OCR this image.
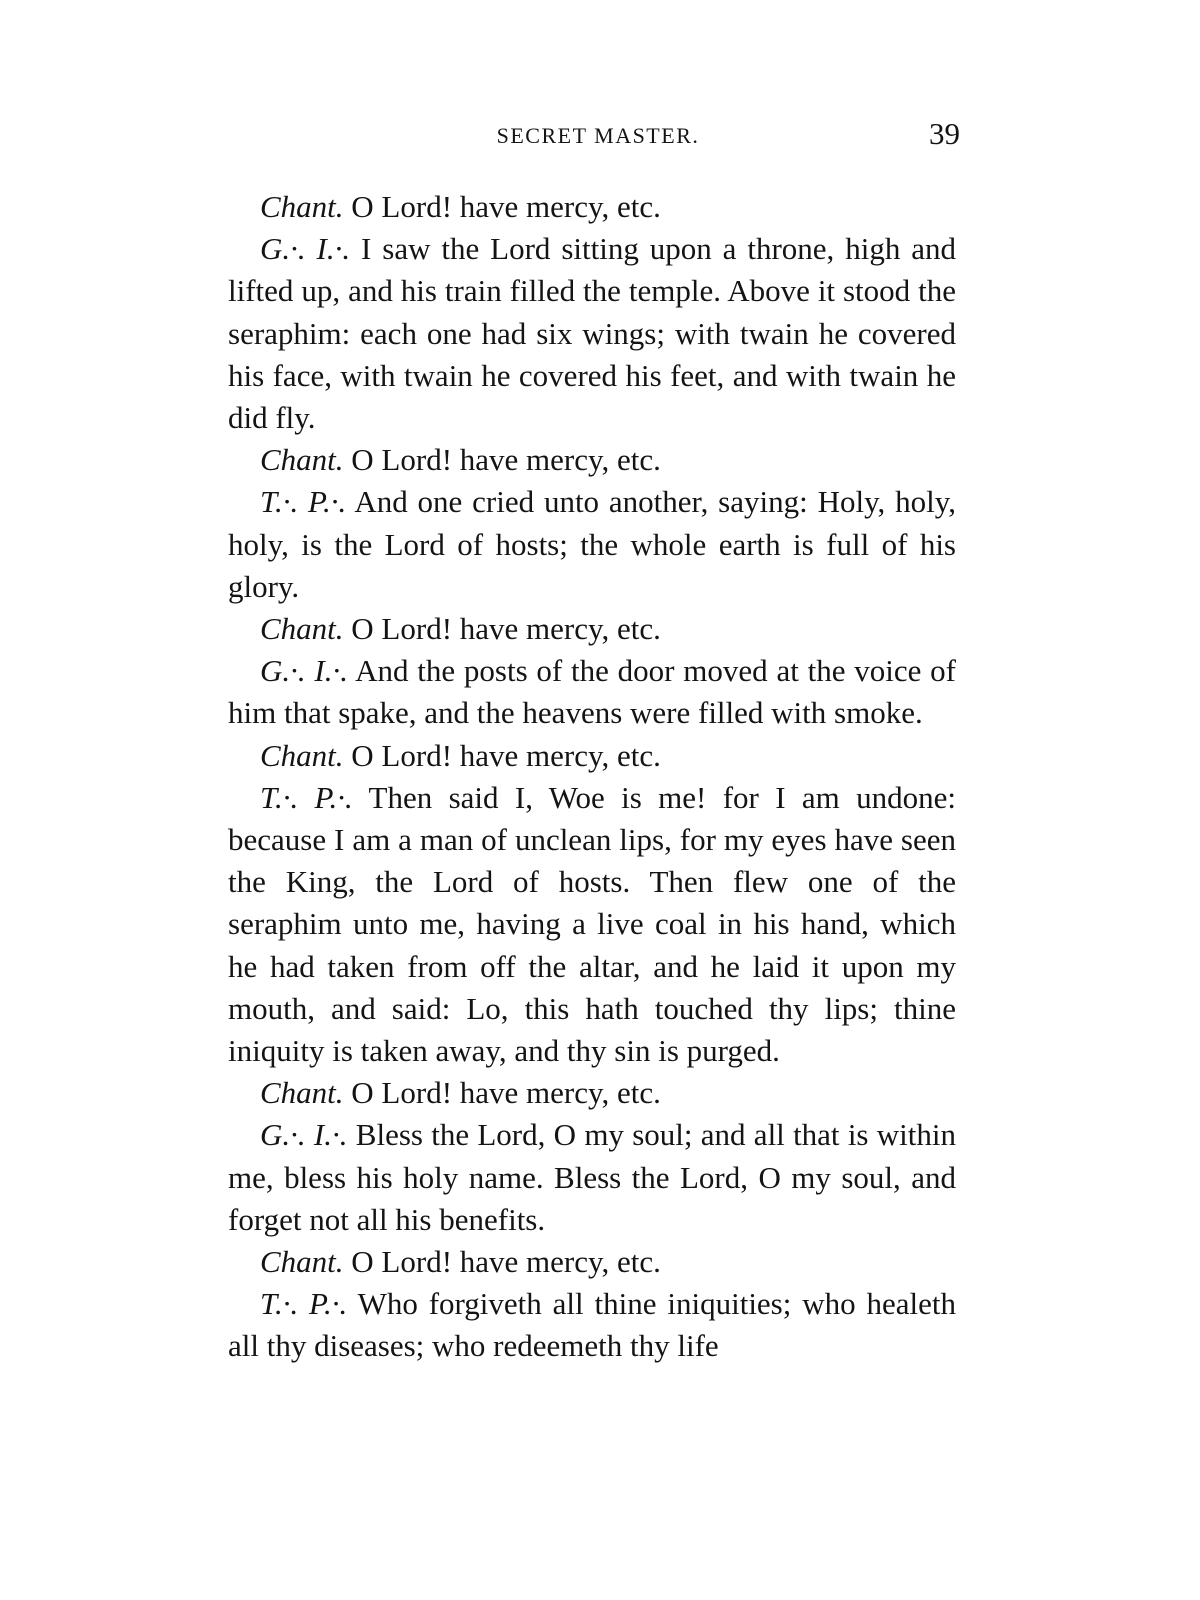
SECRET MASTER.	39

Chant. O Lord! have mercy, etc.

G.·. I.·. I saw the Lord sitting upon a throne, high and lifted up, and his train filled the temple. Above it stood the seraphim: each one had six wings; with twain he covered his face, with twain he covered his feet, and with twain he did fly.

Chant. O Lord! have mercy, etc.

T.·. P.·. And one cried unto another, saying: Holy, holy, holy, is the Lord of hosts; the whole earth is full of his glory.

Chant. O Lord! have mercy, etc.

G.·. I.·. And the posts of the door moved at the voice of him that spake, and the heavens were filled with smoke.

Chant. O Lord! have mercy, etc.

T.·. P.·. Then said I, Woe is me! for I am undone: because I am a man of unclean lips, for my eyes have seen the King, the Lord of hosts. Then flew one of the seraphim unto me, having a live coal in his hand, which he had taken from off the altar, and he laid it upon my mouth, and said: Lo, this hath touched thy lips; thine iniquity is taken away, and thy sin is purged.

Chant. O Lord! have mercy, etc.

G.·. I.·. Bless the Lord, O my soul; and all that is within me, bless his holy name. Bless the Lord, O my soul, and forget not all his benefits.

Chant. O Lord! have mercy, etc.

T.·. P.·. Who forgiveth all thine iniquities; who healeth all thy diseases; who redeemeth thy life
